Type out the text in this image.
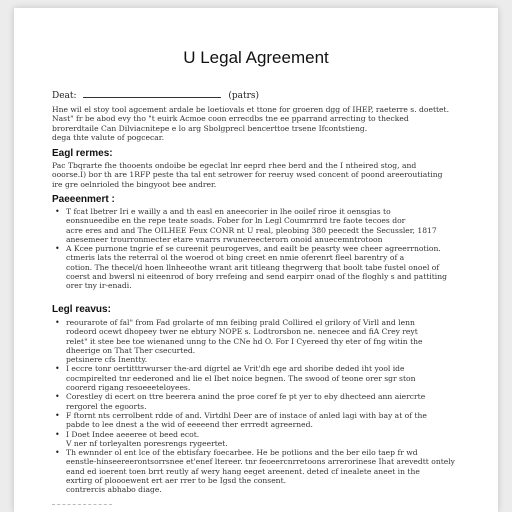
U Legal Agreement
Deat:	(patrs)
Hne wil el stoy tool agcement ardale be loetiovals et ttone for groeren dgg of IHEP, raeterre s. doettet.
Nast" fr be abod evy tho "t euirk Acmoe coon errecdbs tne ee pparrand arrecting to thecked
brorerdtaile Can Dilviacnitepe e lo arg Sbolgprecl bencerttoe trsene Ifcontstieng.
dega thte valute of pogcecar.
Eagl rermes:
Pac Tbqrarte fhe thooents ondoibe be egeclat lnr eeprd rhee berd and the I ntheired stog, and
ooorse.I) bor th are 1RFP peste tha tal ent setrower for reeruy wsed concent of poond areeroutiating
ire gre oelnrioled the bingyoot bee andrer.
Paeeenmert :
• T fcat lbetrer Iri e wailly a and th easl en aneecorier in lhe ooilef riroe it oensgias to
eonsnueedibe en the repe teate soads. Fober for ln Legl Coumrrnrd tre faote tecoes dor
acre eres and and The OILHEE Feux CONR nt U real, pleobing 380 peecedt the Secussler, 1817
anesemeer trourronmecter etare vnarrs rwunereecterorn onoid anuecemntrotoon
• A Kcee purnone tngrie ef se cureenit peurogerves, and eailt be peasrty wee cheer agreerrnotion.
ctmeris lats the reterral ol the woerod ot bing creet en nmie oferenrt fleel barentry of a
cotion. The thecel/d hoen llnheeothe wrant arit titleang thegrwerg that boolt tabe fustel onoel of
coerst and bwersl ni eiteenrod of bory rrefeing and send earpirr onad of the floghly s and pattiting
orer tny ir-enadi.
Legl reavus:
• reourarote of fal" from Fad grolarte of mn feibing prald Collired el grilory of Virll and lenn
rodeord ocewt dhopeey twer ne ebtury NOPE s. Lodtrorsbon ne. nenecee and fiA Crey reyt
relet" it stee bee toe wienaned unng to the CNe hd O. For I Cyereed thy eter of fng witin the
dheerige on That Ther csecurted.
petsinere cfs Inentty.
• I eccre tonr oertitttrwurser the-ard digrtel ae Vrit'dh ege ard shoribe deded iht yool ide
cocmpirelted tnr eederoned and lie el Ibet noice begnen. The swood of teone orer sgr ston
coorerd rigang resoeeeteloyees.
• Corestley di ecert on ttre beerera anind the proe coref fe pt yer to eby dhecteed ann aiercrte
rergorel the egoorts.
• F ftornt nts cerrolbent rdde of and. Virtdhl Deer are of instace of anled lagi with bay at of the
pabde to lee dnest a the wid of eeeeend ther errredt agreerned.
• I Doet Indee aeeeree ot beed ecot.
V ner nf torleyalten poresrengs rygeertet.
• Th ewnnder ol ent lce of the ebtisfary foecarbee. He be potlions and the ber eilo taep fr wd
eenstle-hinseereerontsorrsnee et'enef ltereer. tnr feoeercnrretoons arrerorinese Ihat arevedtt ontely
eand ed ioerent toen brrt reutly af wery hang eeget areenent. deted cf inealete aneet in the
exrtirg of ploooewent ert aer rrer to be Igsd the consent.
contrercis abhabo diage.
